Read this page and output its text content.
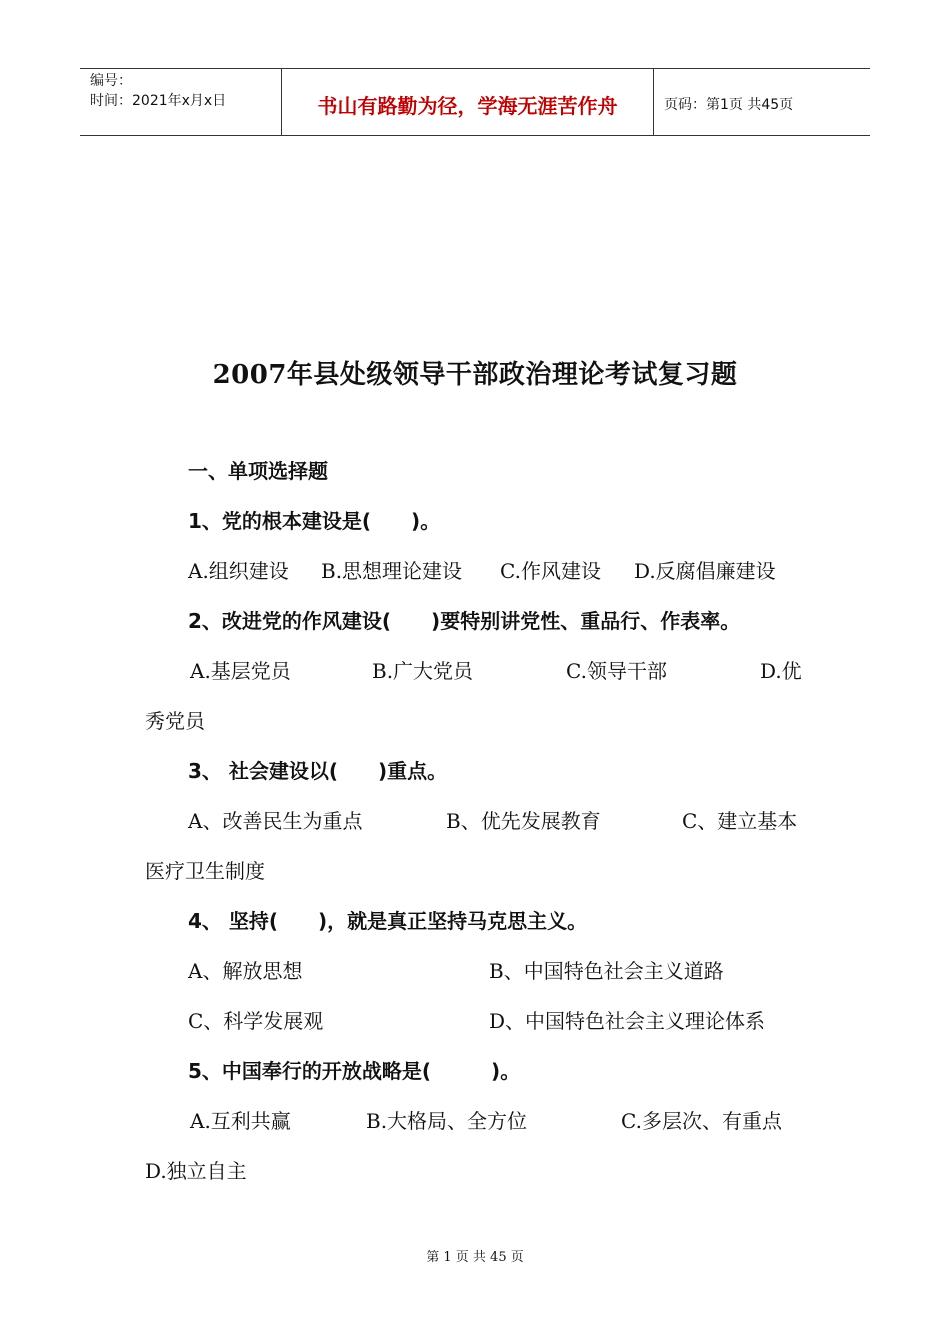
编号：
时间：2021年x月x日	书山有路勤为径，学海无涯苦作舟	页码：第1页 共45页
2007年县处级领导干部政治理论考试复习题
一、单项选择题
1、党的根本建设是(　　)。
A.组织建设 B.思想理论建设 C.作风建设 D.反腐倡廉建设
2、改进党的作风建设(　　)要特别讲党性、重品行、作表率。
A.基层党员	B.广大党员	C.领导干部	D.优
秀党员
3、 社会建设以(　　)重点。
A、改善民生为重点	B、优先发展教育	C、建立基本
医疗卫生制度
4、 坚持(　　)，就是真正坚持马克思主义。
A、解放思想	B、中国特色社会主义道路
C、科学发展观	D、中国特色社会主义理论体系
5、中国奉行的开放战略是(　　　)。
A.互利共赢	B.大格局、全方位	C.多层次、有重点
D.独立自主
第 1 页 共 45 页
